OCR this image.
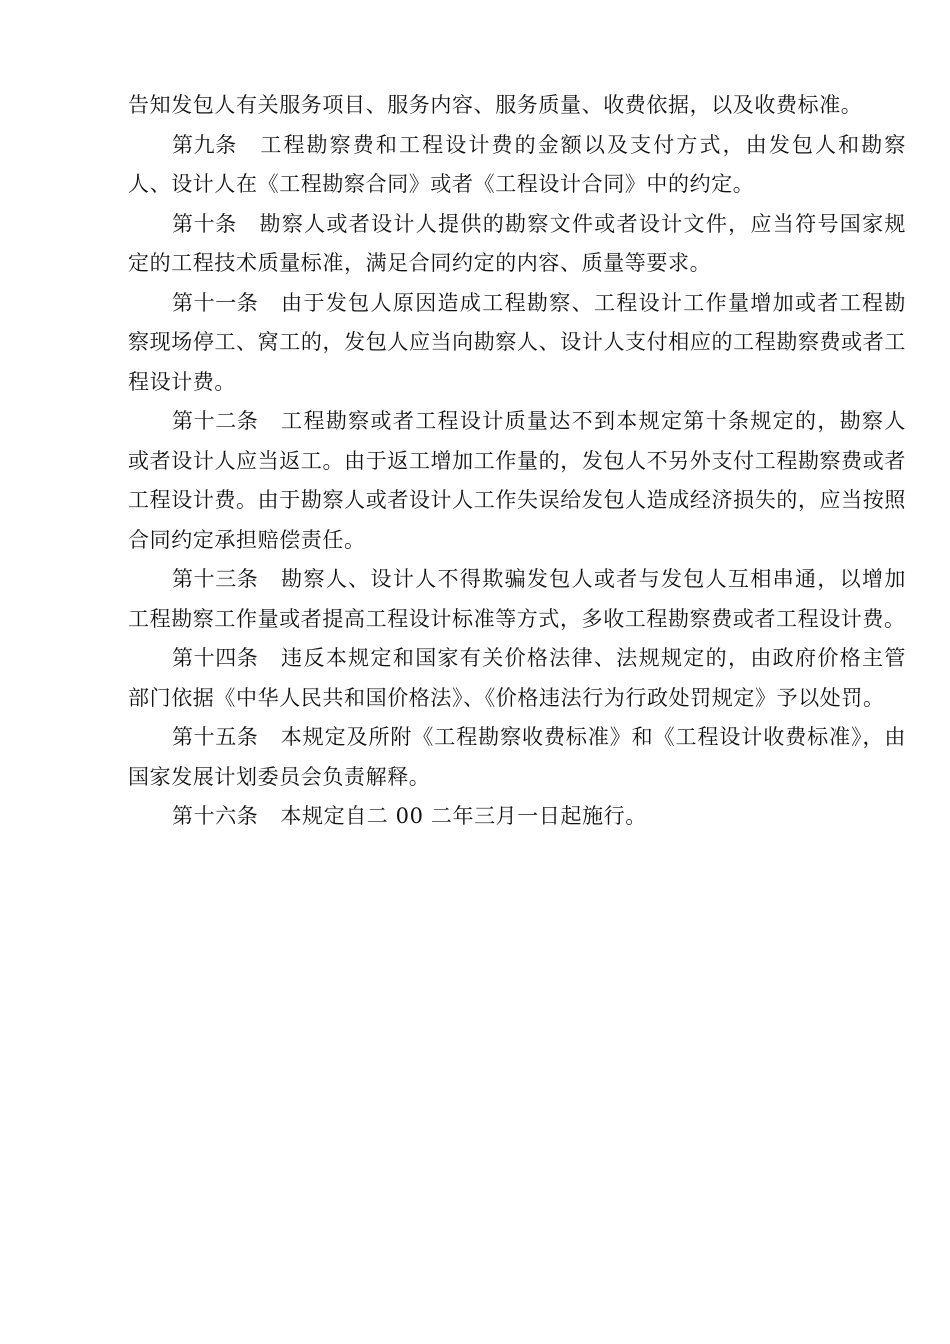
告知发包人有关服务项目、服务内容、服务质量、收费依据，以及收费标准。

第九条 工程勘察费和工程设计费的金额以及支付方式，由发包人和勘察人、设计人在《工程勘察合同》或者《工程设计合同》中的约定。

第十条 勘察人或者设计人提供的勘察文件或者设计文件，应当符号国家规定的工程技术质量标准，满足合同约定的内容、质量等要求。

第十一条 由于发包人原因造成工程勘察、工程设计工作量增加或者工程勘察现场停工、窝工的，发包人应当向勘察人、设计人支付相应的工程勘察费或者工程设计费。

第十二条 工程勘察或者工程设计质量达不到本规定第十条规定的，勘察人或者设计人应当返工。由于返工增加工作量的，发包人不另外支付工程勘察费或者工程设计费。由于勘察人或者设计人工作失误给发包人造成经济损失的，应当按照合同约定承担赔偿责任。

第十三条 勘察人、设计人不得欺骗发包人或者与发包人互相串通，以增加工程勘察工作量或者提高工程设计标准等方式，多收工程勘察费或者工程设计费。

第十四条 违反本规定和国家有关价格法律、法规规定的，由政府价格主管部门依据《中华人民共和国价格法》、《价格违法行为行政处罚规定》予以处罚。

第十五条 本规定及所附《工程勘察收费标准》和《工程设计收费标准》，由国家发展计划委员会负责解释。

第十六条 本规定自二 00 二年三月一日起施行。
